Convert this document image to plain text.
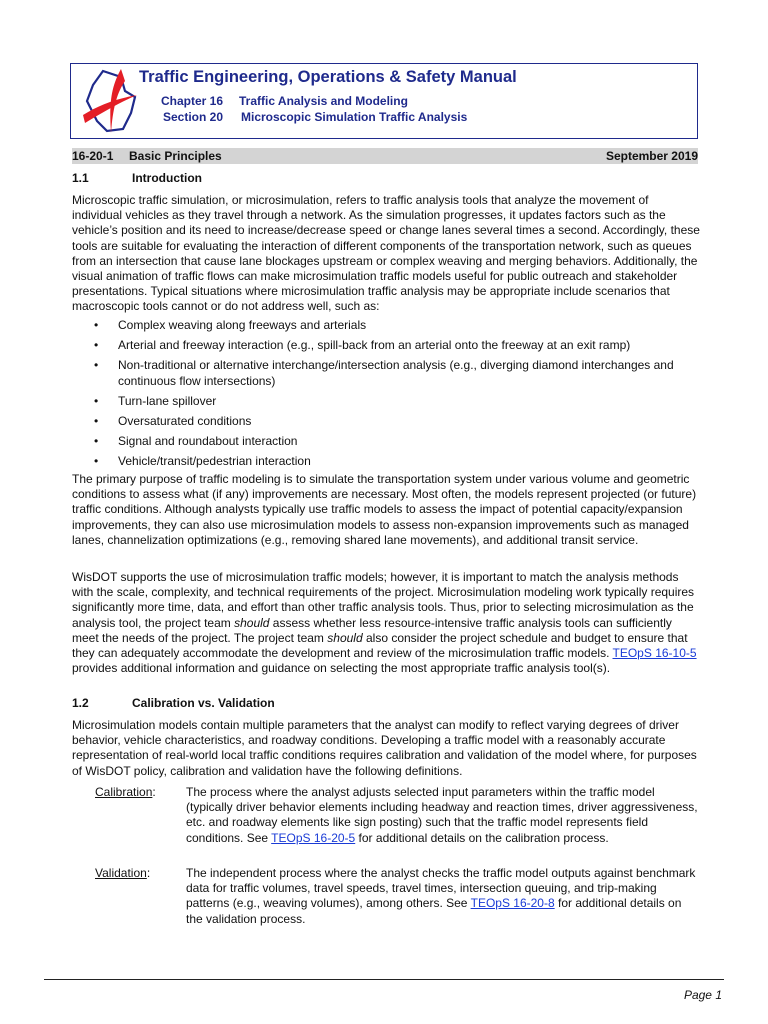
Traffic Engineering, Operations & Safety Manual
Chapter 16 Traffic Analysis and Modeling
Section 20 Microscopic Simulation Traffic Analysis
16-20-1 Basic Principles	September 2019
1.1	Introduction

Microscopic traffic simulation, or microsimulation, refers to traffic analysis tools that analyze the movement of individual vehicles as they travel through a network. As the simulation progresses, it updates factors such as the vehicle’s position and its need to increase/decrease speed or change lanes several times a second. Accordingly, these tools are suitable for evaluating the interaction of different components of the transportation network, such as queues from an intersection that cause lane blockages upstream or complex weaving and merging behaviors. Additionally, the visual animation of traffic flows can make microsimulation traffic models useful for public outreach and stakeholder presentations. Typical situations where microsimulation traffic analysis may be appropriate include scenarios that macroscopic tools cannot or do not address well, such as:

• Complex weaving along freeways and arterials
• Arterial and freeway interaction (e.g., spill-back from an arterial onto the freeway at an exit ramp)
• Non-traditional or alternative interchange/intersection analysis (e.g., diverging diamond interchanges and continuous flow intersections)
• Turn-lane spillover
• Oversaturated conditions
• Signal and roundabout interaction
• Vehicle/transit/pedestrian interaction

The primary purpose of traffic modeling is to simulate the transportation system under various volume and geometric conditions to assess what (if any) improvements are necessary. Most often, the models represent projected (or future) traffic conditions. Although analysts typically use traffic models to assess the impact of potential capacity/expansion improvements, they can also use microsimulation models to assess non-expansion improvements such as managed lanes, channelization optimizations (e.g., removing shared lane movements), and additional transit service.

WisDOT supports the use of microsimulation traffic models; however, it is important to match the analysis methods with the scale, complexity, and technical requirements of the project. Microsimulation modeling work typically requires significantly more time, data, and effort than other traffic analysis tools. Thus, prior to selecting microsimulation as the analysis tool, the project team should assess whether less resource-intensive traffic analysis tools can sufficiently meet the needs of the project. The project team should also consider the project schedule and budget to ensure that they can adequately accommodate the development and review of the microsimulation traffic models. TEOpS 16-10-5 provides additional information and guidance on selecting the most appropriate traffic analysis tool(s).

1.2	Calibration vs. Validation

Microsimulation models contain multiple parameters that the analyst can modify to reflect varying degrees of driver behavior, vehicle characteristics, and roadway conditions. Developing a traffic model with a reasonably accurate representation of real-world local traffic conditions requires calibration and validation of the model where, for purposes of WisDOT policy, calibration and validation have the following definitions.

Calibration:	The process where the analyst adjusts selected input parameters within the traffic model (typically driver behavior elements including headway and reaction times, driver aggressiveness, etc. and roadway elements like sign posting) such that the traffic model represents field conditions. See TEOpS 16-20-5 for additional details on the calibration process.
Validation:	The independent process where the analyst checks the traffic model outputs against benchmark data for traffic volumes, travel speeds, travel times, intersection queuing, and trip-making patterns (e.g., weaving volumes), among others. See TEOpS 16-20-8 for additional details on the validation process.
Page 1
